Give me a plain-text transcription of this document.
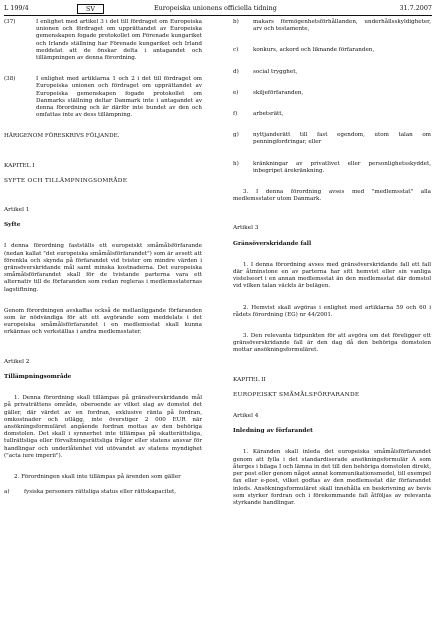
L 199/4	SV	Europeiska unionens officiella tidning	31.7.2007
(37)	I enlighet med artikel 3 i det till fördraget om Europeiska unionen och fördraget om upprättandet av Europeiska gemenskapen fogade protokollet om Förenade kungariket och Irlands ställning har Förenade kungariket och Irland meddelat att de önskar delta i antagandet och tillämpningen av denna förordning.
(38)	I enlighet med artiklarna 1 och 2 i det till fördraget om Europeiska unionen och fördraget om upprättandet av Europeiska gemenskapen fogade protokollet om Danmarks ställning deltar Danmark inte i antagandet av denna förordning och är därför inte bundet av den och omfattas inte av dess tillämpning.

HÄRIGENOM FÖRESKRIVS FÖLJANDE.

KAPITEL I

SYFTE OCH TILLÄMPNINGSOMRÅDE

Artikel 1

Syfte

I denna förordning fastställs ett europeiskt småmålsförfarande (nedan kallat "det europeiska småmålsförfarandet") som är avsett att förenkla och skynda på förfarandet vid tvister om mindre värden i gränsöverskridande mål samt minska kostnaderna. Det europeiska småmålsförfarandet skall för de tvistande parterna vara ett alternativ till de förfaranden som redan regleras i medlemsstaternas lagstiftning.

Genom förordningen avskaffas också de mellanliggande förfaranden som är nödvändiga för att ett avgörande som meddelats i det europeiska småmålsförfarandet i en medlemsstat skall kunna erkännas och verkställas i andra medlemsstater.

Artikel 2

Tillämpningsområde

1. Denna förordning skall tillämpas på gränsöverskridande mål på privaträttens område, oberoende av vilket slag av domstol det gäller, där värdet av en fordran, exklusive ränta på fordran, omkostnader och utlägg, inte överstiger 2 000 EUR när ansökningsformuläret angående fordran mottas av den behöriga domstolen. Det skall i synnerhet inte tillämpas på skatterättsliga, tullrättsliga eller förvaltningsrättsliga frågor eller statens ansvar för handlingar och underlåtenhet vid utövandet av statens myndighet ("acta iure imperii").

2. Förordningen skall inte tillämpas på ärenden som gäller

a)	fysiska personers rättsliga status eller rättskapacitet,
b)	makars förmögenhetsförhållanden, underhållsskyldigheter, arv och testamente,
c)	konkurs, ackord och liknande förfaranden,
d)	social trygghet,
e)	skiljeförfaranden,
f)	arbetsrätt,
g)	nyttjanderätt till fast egendom, utom talan om penningfordringar, eller
h)	kränkningar av privatlivet eller personlighetsskyddet, inbegripet ärekränkning.

3. I denna förordning avses med "medlemsstat" alla medlemsstater utom Danmark.

Artikel 3

Gränsöverskridande fall

1. I denna förordning avses med gränsöverskridande fall ett fall där åtminstone en av parterna har sitt hemvist eller sin vanliga vistelseort i en annan medlemsstat än den medlemsstat där domstol vid vilken talan väckts är belägen.

2. Hemvist skall avgöras i enlighet med artiklarna 59 och 60 i rådets förordning (EG) nr 44/2001.

3. Den relevanta tidpunkten för att avgöra om det föreligger ett gränsöverskridande fall är den dag då den behöriga domstolen mottar ansökningsformuläret.

KAPITEL II

EUROPEISKT SMÅMÅLSFÖRFARANDE

Artikel 4

Inledning av förfarandet

1. Käranden skall inleda det europeiska småmålsförfarandet genom att fylla i det standardiserade ansökningsformulär A som återges i bilaga I och lämna in det till den behöriga domstolen direkt, per post eller genom något annat kommunikationsmedel, till exempel fax eller e-post, vilket godtas av den medlemsstat där förfarandet inleds. Ansökningsformuläret skall innehålla en beskrivning av bevis som styrker fordran och i förekommande fall åtföljas av relevanta styrkande handlingar.
